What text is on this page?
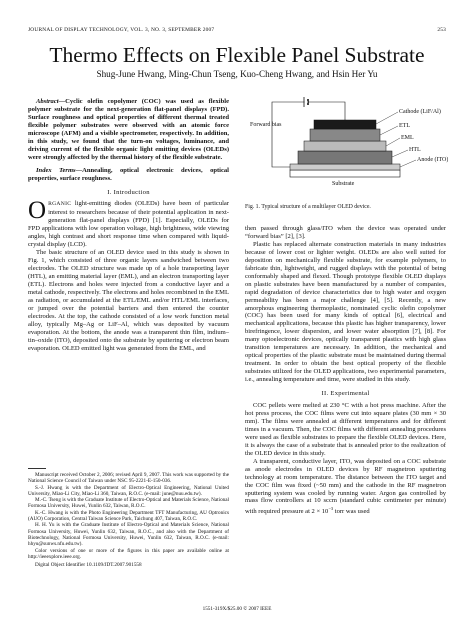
JOURNAL OF DISPLAY TECHNOLOGY, VOL. 3, NO. 3, SEPTEMBER 2007	253
Thermo Effects on Flexible Panel Substrate
Shug-June Hwang, Ming-Chun Tseng, Kuo-Cheng Hwang, and Hsin Her Yu

Abstract—Cyclic olefin copolymer (COC) was used as flexible polymer substrate for the next-generation flat-panel displays (FPD). Surface roughness and optical properties of different thermal treated flexible polymer substrates were observed with an atomic force microscope (AFM) and a visible spectrometer, respectively. In addition, in this study, we found that the turn-on voltages, luminance, and driving current of the flexible organic light emitting devices (OLEDs) were strongly affected by the thermal history of the flexible substrate.

Index Terms—Annealing, optical electronic devices, optical properties, surface roughness.

I. Introduction

ORGANIC light-emitting diodes (OLEDs) have been of particular interest to researchers because of their potential application in next-generation flat-panel displays (FPD) [1]. Especially, OLEDs for FPD applications with low operation voltage, high brightness, wide viewing angles, high contrast and short response time when compared with liquid-crystal display (LCD).

The basic structure of an OLED device used in this study is shown in Fig. 1, which consisted of three organic layers sandwiched between two electrodes. The OLED structure was made up of a hole transporting layer (HTL), an emitting material layer (EML), and an electron transporting layer (ETL). Electrons and holes were injected from a conductive layer and a metal cathode, respectively. The electrons and holes recombined in the EML as radiation, or accumulated at the ETL/EML and/or HTL/EML interfaces, or jumped over the potential barriers and then entered the counter electrodes. At the top, the cathode consisted of a low work function metal alloy, typically Mg–Ag or LiF–Al, which was deposited by vacuum evaporation. At the bottom, the anode was a transparent thin film, indium–tin–oxide (ITO), deposited onto the substrate by sputtering or electron beam evaporation. OLED emitted light was generated from the EML, and

Manuscript received October 2, 2006; revised April 9, 2007. This work was supported by the National Science Council of Taiwan under NSC 95-2221-E-150-036.

S.-J. Hwang is with the Department of Electro-Optical Engineering, National United University, Miao-Li City, Miao-Li 360, Taiwan, R.O.C. (e-mail: june@nuu.edu.tw).

M.-C. Tseng is with the Graduate Institute of Electro-Optical and Materials Science, National Formosa University, Huwei, Yunlin 632, Taiwan, R.O.C.

K.-C. Hwang is with the Photo Engineering Department TFT Manufacturing, AU Optronics (AUO) Corporation, Central Taiwan Science Park, Taichung 407, Taiwan, R.O.C.

H. H. Yu is with the Graduate Institute of Electro-Optical and Materials Science, National Formosa University, Huwei, Yunlin 632, Taiwan, R.O.C., and also with the Department of Biotechnology, National Formosa University, Huwei, Yunlin 632, Taiwan, R.O.C. (e-mail: hhyu@sunws.nfu.edu.tw).

Color versions of one or more of the figures in this paper are available online at http://ieeexplore.ieee.org.

Digital Object Identifier 10.1109/JDT.2007.901558

Forward bias
Cathode (LiF/Al)
ETL
EML
HTL
Anode (ITO)
Substrate
Fig. 1. Typical structure of a multilayer OLED device.

then passed through glass/ITO when the device was operated under “forward bias” [2], [3].

Plastic has replaced alternate construction materials in many industries because of lower cost or lighter weight. OLEDs are also well suited for deposition on mechanically flexible substrate, for example polymers, to fabricate thin, lightweight, and rugged displays with the potential of being conformably shaped and flexed. Though prototype flexible OLED displays on plastic substrates have been manufactured by a number of companies, rapid degradation of device characteristics due to high water and oxygen permeability has been a major challenge [4], [5]. Recently, a new amorphous engineering thermoplastic, nominated cyclic olefin copolymer (COC) has been used for many kinds of optical [6], electrical and mechanical applications, because this plastic has higher transparency, lower birefringence, lower dispersion, and lower water absorption [7], [8]. For many optoelectronic devices, optically transparent plastics with high glass transition temperatures are necessary. In addition, the mechanical and optical properties of the plastic substrate must be maintained during thermal treatment. In order to obtain the best optical property of the flexible substrates utilized for the OLED applications, two experimental parameters, i.e., annealing temperature and time, were studied in this study.

II. Experimental

COC pellets were melted at 230 °C with a hot press machine. After the hot press process, the COC films were cut into square plates (30 mm × 30 mm). The films were annealed at different temperatures and for different times in a vacuum. Then, the COC films with different annealing procedures were used as flexible substrates to prepare the flexible OLED devices. Here, it is always the case of a substrate that is annealed prior to the realization of the OLED device in this study.

A transparent, conductive layer, ITO, was deposited on a COC substrate as anode electrodes in OLED devices by RF magnetron sputtering technology at room temperature. The distance between the ITO target and the COC film was fixed (~50 mm) and the cathode in the RF magnetron sputtering system was cooled by running water. Argon gas controlled by mass flow controllers at 10 sccm (standard cubic centimeter per minute) with required pressure at $2 \times 10^{-3}$ torr was used

1551-319X/$25.00 © 2007 IEEE
